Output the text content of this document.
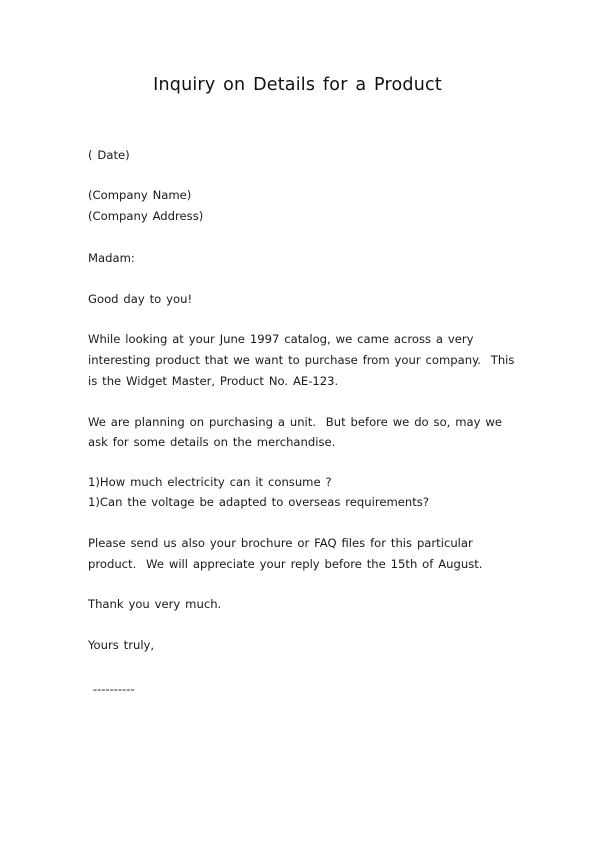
Inquiry on Details for a Product
( Date)
(Company Name)
(Company Address)
Madam:
Good day to you!
While looking at your June 1997 catalog, we came across a very
interesting product that we want to purchase from your company.  This
is the Widget Master, Product No. AE-123.
We are planning on purchasing a unit.  But before we do so, may we
ask for some details on the merchandise.
1)How much electricity can it consume ?
1)Can the voltage be adapted to overseas requirements?
Please send us also your brochure or FAQ files for this particular
product.  We will appreciate your reply before the 15th of August.
Thank you very much.
Yours truly,
----------
